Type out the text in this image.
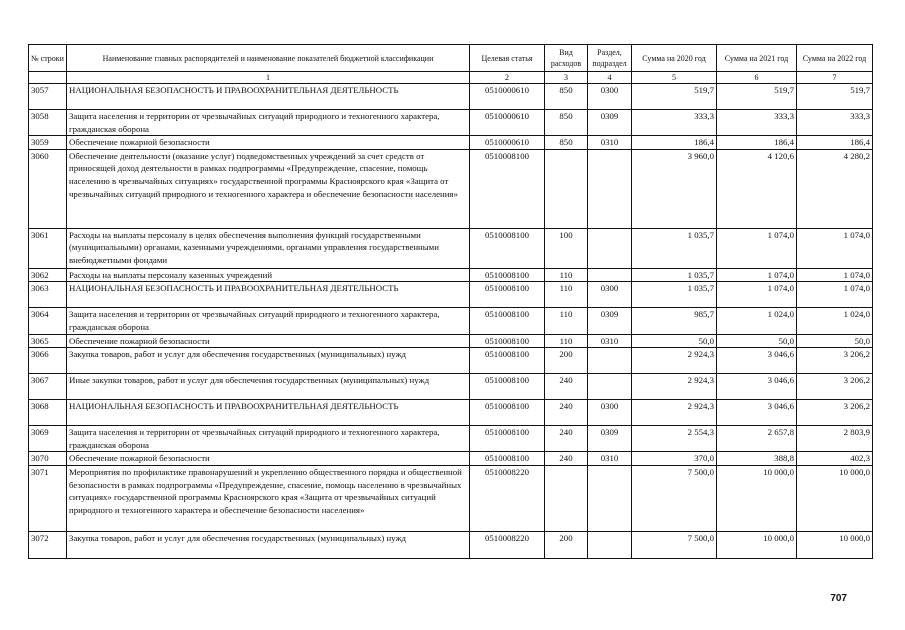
№ строки	Наименование главных распорядителей и наименование показателей бюджетной классификации	Целевая статья	Вид расходов	Раздел, подраздел	Сумма на 2020 год	Сумма на 2021 год	Сумма на 2022 год
	1	2	3	4	5	6	7
3057	НАЦИОНАЛЬНАЯ БЕЗОПАСНОСТЬ И ПРАВООХРАНИТЕЛЬНАЯ ДЕЯТЕЛЬНОСТЬ	0510000610	850	0300	519,7	519,7	519,7
3058	Защита населения и территории от чрезвычайных ситуаций природного и техногенного характера, гражданская оборона	0510000610	850	0309	333,3	333,3	333,3
3059	Обеспечение пожарной безопасности	0510000610	850	0310	186,4	186,4	186,4
3060	Обеспечение деятельности (оказание услуг) подведомственных учреждений за счет средств от приносящей доход деятельности в рамках подпрограммы «Предупреждение, спасение, помощь населению в чрезвычайных ситуациях» государственной программы Красноярского края «Защита от чрезвычайных ситуаций природного и техногенного характера и обеспечение безопасности населения»	0510008100			3 960,0	4 120,6	4 280,2
3061	Расходы на выплаты персоналу в целях обеспечения выполнения функций государственными (муниципальными) органами, казенными учреждениями, органами управления государственными внебюджетными фондами	0510008100	100		1 035,7	1 074,0	1 074,0
3062	Расходы на выплаты персоналу казенных учреждений	0510008100	110		1 035,7	1 074,0	1 074,0
3063	НАЦИОНАЛЬНАЯ БЕЗОПАСНОСТЬ И ПРАВООХРАНИТЕЛЬНАЯ ДЕЯТЕЛЬНОСТЬ	0510008100	110	0300	1 035,7	1 074,0	1 074,0
3064	Защита населения и территории от чрезвычайных ситуаций природного и техногенного характера, гражданская оборона	0510008100	110	0309	985,7	1 024,0	1 024,0
3065	Обеспечение пожарной безопасности	0510008100	110	0310	50,0	50,0	50,0
3066	Закупка товаров, работ и услуг для обеспечения государственных (муниципальных) нужд	0510008100	200		2 924,3	3 046,6	3 206,2
3067	Иные закупки товаров, работ и услуг для обеспечения государственных (муниципальных) нужд	0510008100	240		2 924,3	3 046,6	3 206,2
3068	НАЦИОНАЛЬНАЯ БЕЗОПАСНОСТЬ И ПРАВООХРАНИТЕЛЬНАЯ ДЕЯТЕЛЬНОСТЬ	0510008100	240	0300	2 924,3	3 046,6	3 206,2
3069	Защита населения и территории от чрезвычайных ситуаций природного и техногенного характера, гражданская оборона	0510008100	240	0309	2 554,3	2 657,8	2 803,9
3070	Обеспечение пожарной безопасности	0510008100	240	0310	370,0	388,8	402,3
3071	Мероприятия по профилактике правонарушений и укреплению общественного порядка и общественной безопасности в рамках подпрограммы «Предупреждение, спасение, помощь населению в чрезвычайных ситуациях» государственной программы Красноярского края «Защита от чрезвычайных ситуаций природного и техногенного характера и обеспечение безопасности населения»	0510008220			7 500,0	10 000,0	10 000,0
3072	Закупка товаров, работ и услуг для обеспечения государственных (муниципальных) нужд	0510008220	200		7 500,0	10 000,0	10 000,0
707
